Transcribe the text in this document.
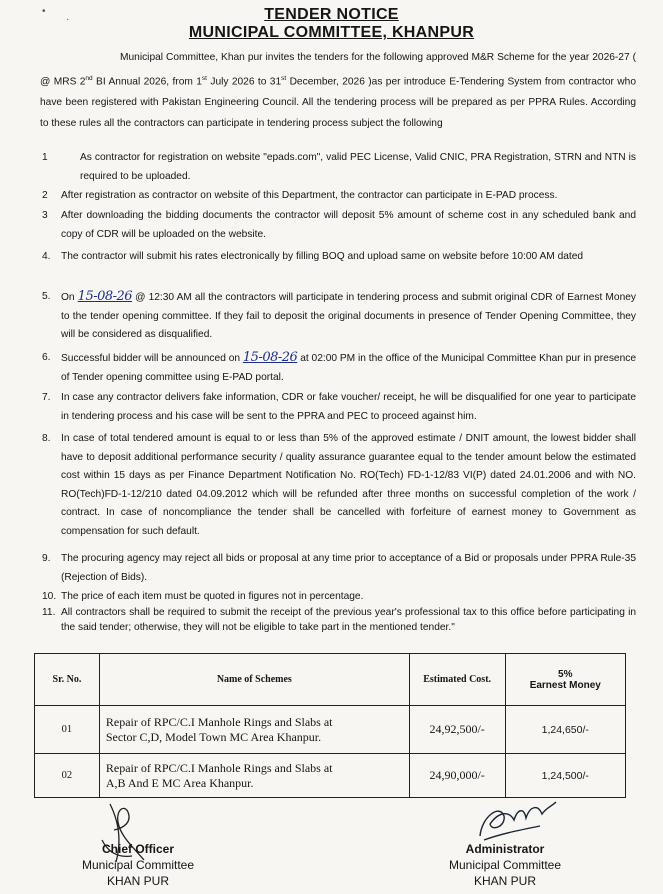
•
·	TENDER NOTICE
MUNICIPAL COMMITTEE, KHANPUR
Municipal Committee, Khan pur invites the tenders for the following approved M&R Scheme for the year 2026-27 ( @ MRS 2nd BI Annual 2026, from 1st July 2026 to 31st December, 2026 )as per introduce E-Tendering System from contractor who have been registered with Pakistan Engineering Council. All the tendering process will be prepared as per PPRA Rules. According to these rules all the contractors can participate in tendering process subject the following
1	As contractor for registration on website "epads.com", valid PEC License, Valid CNIC, PRA Registration, STRN and NTN is required to be uploaded.
2 After registration as contractor on website of this Department, the contractor can participate in E-PAD process.
3 After downloading the bidding documents the contractor will deposit 5% amount of scheme cost in any scheduled bank and copy of CDR will be uploaded on the website.
4. The contractor will submit his rates electronically by filling BOQ and upload same on website before 10:00 AM dated
5. On 15-08-26 @ 12:30 AM all the contractors will participate in tendering process and submit original CDR of Earnest Money to the tender opening committee. If they fail to deposit the original documents in presence of Tender Opening Committee, they will be considered as disqualified.
6. Successful bidder will be announced on 15-08-26 at 02:00 PM in the office of the Municipal Committee Khan pur in presence of Tender opening committee using E-PAD portal.
7. In case any contractor delivers fake information, CDR or fake voucher/ receipt, he will be disqualified for one year to participate in tendering process and his case will be sent to the PPRA and PEC to proceed against him.
8. In case of total tendered amount is equal to or less than 5% of the approved estimate / DNIT amount, the lowest bidder shall have to deposit additional performance security / quality assurance guarantee equal to the tender amount below the estimated cost within 15 days as per Finance Department Notification No. RO(Tech) FD-1-12/83 VI(P) dated 24.01.2006 and with NO. RO(Tech)FD-1-12/210 dated 04.09.2012 which will be refunded after three months on successful completion of the work / contract. In case of noncompliance the tender shall be cancelled with forfeiture of earnest money to Government as compensation for such default.
9. The procuring agency may reject all bids or proposal at any time prior to acceptance of a Bid or proposals under PPRA Rule-35 (Rejection of Bids).
10. The price of each item must be quoted in figures not in percentage.
11. All contractors shall be required to submit the receipt of the previous year's professional tax to this office before participating in the said tender; otherwise, they will not be eligible to take part in the mentioned tender."
Sr. No.	Name of Schemes	Estimated Cost.	5%
Earnest Money

01	Repair of RPC/C.I Manhole Rings and Slabs at
Sector C,D, Model Town MC Area Khanpur.	24,92,500/-	1,24,650/-
02	Repair of RPC/C.I Manhole Rings and Slabs at
A,B And E MC Area Khanpur.	24,90,000/-	1,24,500/-
Chief Officer
Municipal Committee
KHAN PUR
Administrator
Municipal Committee
KHAN PUR
